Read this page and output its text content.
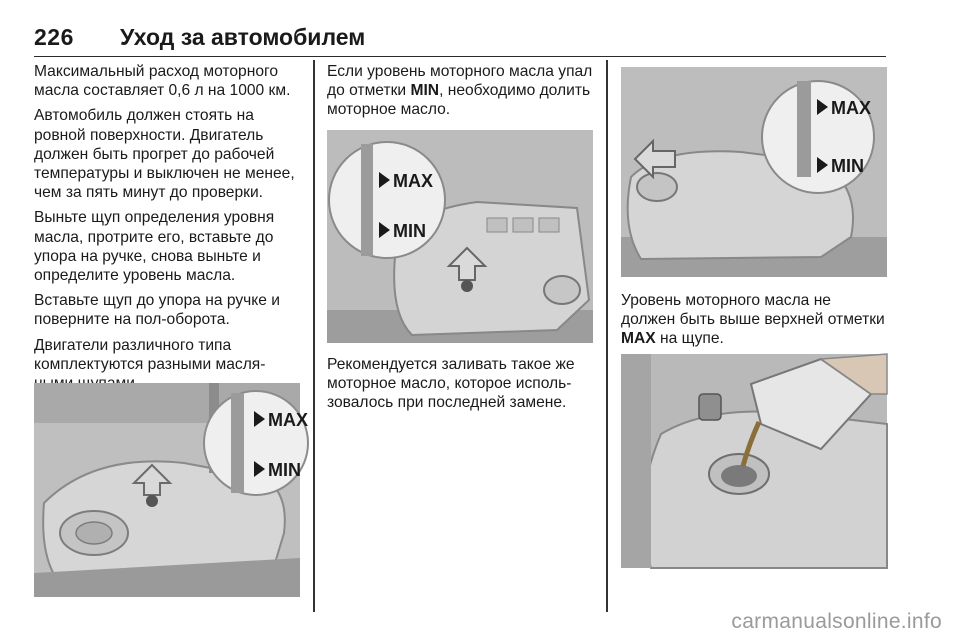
226 Уход за автомобилем

Максимальный расход моторного масла составляет 0,6 л на 1000 км.

Автомобиль должен стоять на ровной поверхности. Двигатель должен быть прогрет до рабочей температуры и выключен не менее, чем за пять минут до проверки.

Выньте щуп определения уровня масла, протрите его, вставьте до упора на ручке, снова выньте и определите уровень масла.

Вставьте щуп до упора на ручке и поверните на пол-оборота.

Двигатели различного типа комплектуются разными масля-

MAX
MIN

Если уровень моторного масла упал до отметки MIN, необходимо долить моторное масло.

Рекомендуется заливать такое же моторное масло, которое исполь-зовалось при последней замене.

MAX
MIN

Уровень моторного масла не должен быть выше верхней отметки MAX на щупе.

MAX
MIN
carmanualsonline.info
